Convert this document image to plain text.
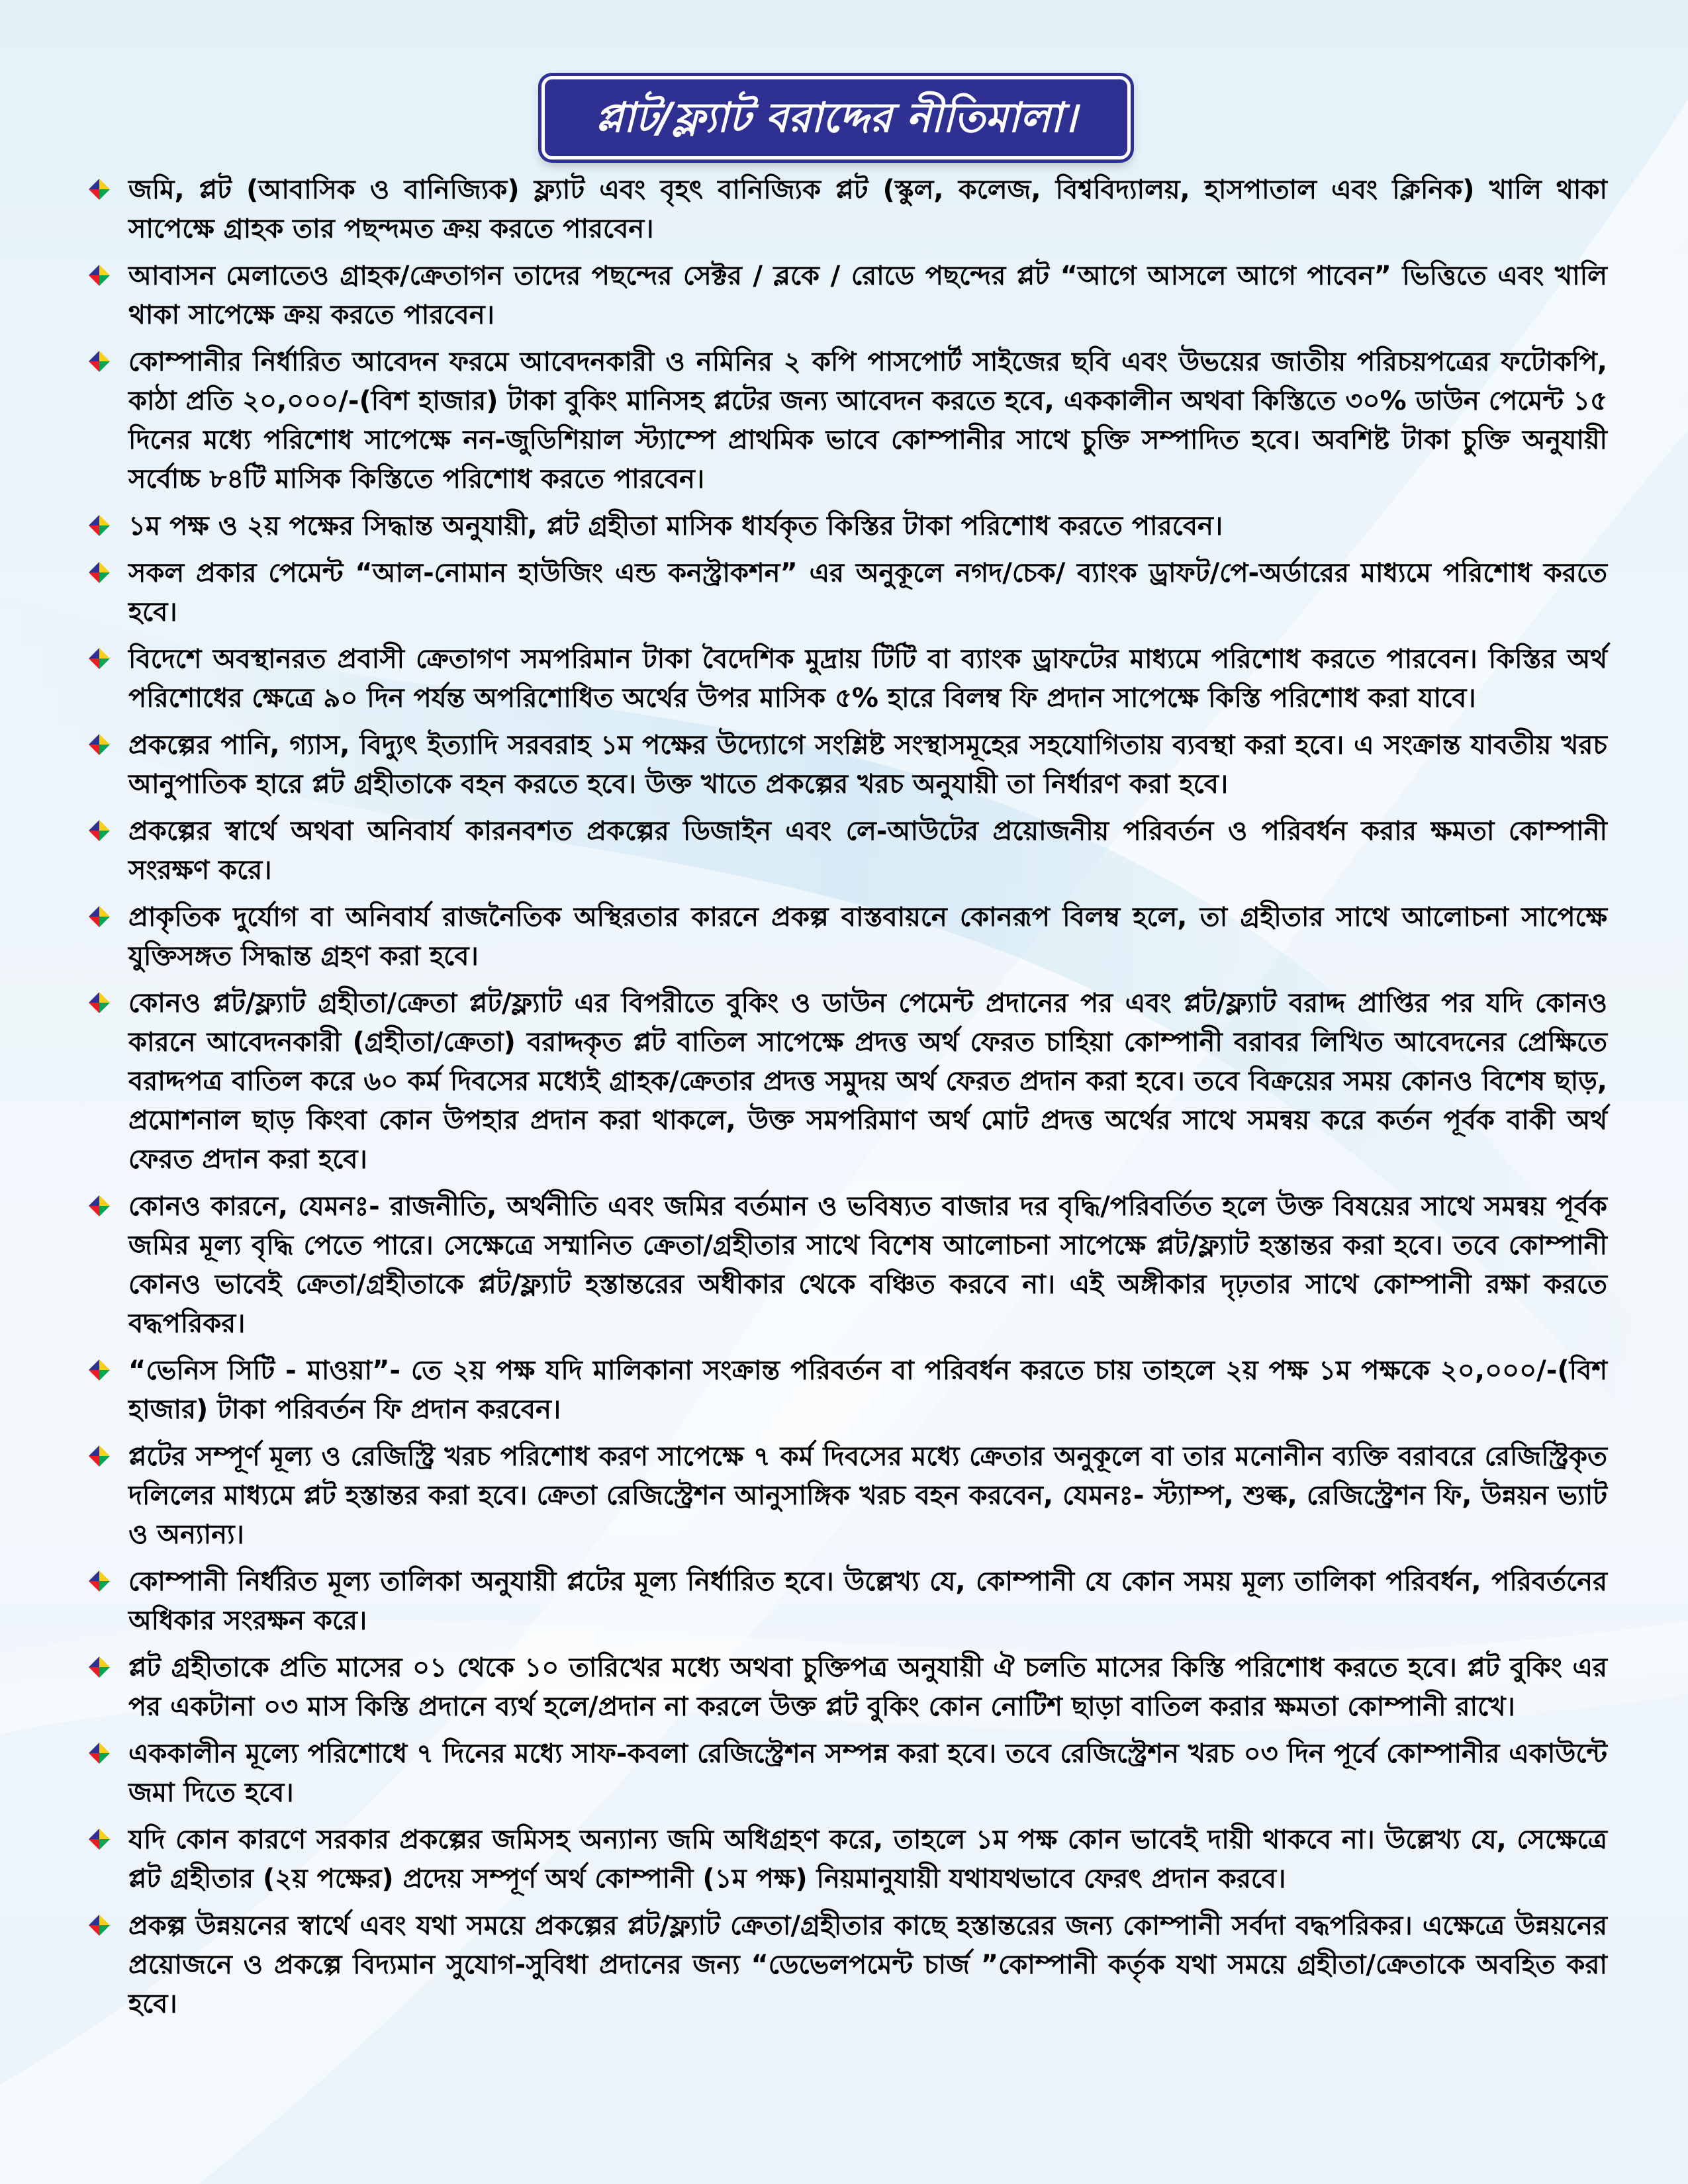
প্লাট/ফ্ল্যাট বরাদ্দের নীতিমালা।
জমি, প্লট (আবাসিক ও বানিজ্যিক) ফ্ল্যাট এবং বৃহৎ বানিজ্যিক প্লট (স্কুল, কলেজ, বিশ্ববিদ্যালয়, হাসপাতাল এবং ক্লিনিক) খালি থাকা সাপেক্ষে গ্রাহক তার পছন্দমত ক্রয় করতে পারবেন।
আবাসন মেলাতেও গ্রাহক/ক্রেতাগন তাদের পছন্দের সেক্টর / ব্লকে / রোডে পছন্দের প্লট “আগে আসলে আগে পাবেন” ভিত্তিতে এবং খালি থাকা সাপেক্ষে ক্রয় করতে পারবেন।
কোম্পানীর নির্ধারিত আবেদন ফরমে আবেদনকারী ও নমিনির ২ কপি পাসপোর্ট সাইজের ছবি এবং উভয়ের জাতীয় পরিচয়পত্রের ফটোকপি, কাঠা প্রতি ২০,০০০/-(বিশ হাজার) টাকা বুকিং মানিসহ প্লটের জন্য আবেদন করতে হবে, এককালীন অথবা কিস্তিতে ৩০% ডাউন পেমেন্ট ১৫ দিনের মধ্যে পরিশোধ সাপেক্ষে নন-জুডিশিয়াল স্ট্যাম্পে প্রাথমিক ভাবে কোম্পানীর সাথে চুক্তি সম্পাদিত হবে। অবশিষ্ট টাকা চুক্তি অনুযায়ী সর্বোচ্চ ৮৪টি মাসিক কিস্তিতে পরিশোধ করতে পারবেন।
১ম পক্ষ ও ২য় পক্ষের সিদ্ধান্ত অনুযায়ী, প্লট গ্রহীতা মাসিক ধার্যকৃত কিস্তির টাকা পরিশোধ করতে পারবেন।
সকল প্রকার পেমেন্ট “আল-নোমান হাউজিং এন্ড কনস্ট্রাকশন” এর অনুকূলে নগদ/চেক/ ব্যাংক ড্রাফট/পে-অর্ডারের মাধ্যমে পরিশোধ করতে হবে।
বিদেশে অবস্থানরত প্রবাসী ক্রেতাগণ সমপরিমান টাকা বৈদেশিক মুদ্রায় টিটি বা ব্যাংক ড্রাফটের মাধ্যমে পরিশোধ করতে পারবেন। কিস্তির অর্থ পরিশোধের ক্ষেত্রে ৯০ দিন পর্যন্ত অপরিশোধিত অর্থের উপর মাসিক ৫% হারে বিলম্ব ফি প্রদান সাপেক্ষে কিস্তি পরিশোধ করা যাবে।
প্রকল্পের পানি, গ্যাস, বিদ্যুৎ ইত্যাদি সরবরাহ ১ম পক্ষের উদ্যোগে সংশ্লিষ্ট সংস্থাসমূহের সহযোগিতায় ব্যবস্থা করা হবে। এ সংক্রান্ত যাবতীয় খরচ আনুপাতিক হারে প্লট গ্রহীতাকে বহন করতে হবে। উক্ত খাতে প্রকল্পের খরচ অনুযায়ী তা নির্ধারণ করা হবে।
প্রকল্পের স্বার্থে অথবা অনিবার্য কারনবশত প্রকল্পের ডিজাইন এবং লে-আউটের প্রয়োজনীয় পরিবর্তন ও পরিবর্ধন করার ক্ষমতা কোম্পানী সংরক্ষণ করে।
প্রাকৃতিক দুর্যোগ বা অনিবার্য রাজনৈতিক অস্থিরতার কারনে প্রকল্প বাস্তবায়নে কোনরূপ বিলম্ব হলে, তা গ্রহীতার সাথে আলোচনা সাপেক্ষে যুক্তিসঙ্গত সিদ্ধান্ত গ্রহণ করা হবে।
কোনও প্লট/ফ্ল্যাট গ্রহীতা/ক্রেতা প্লট/ফ্ল্যাট এর বিপরীতে বুকিং ও ডাউন পেমেন্ট প্রদানের পর এবং প্লট/ফ্ল্যাট বরাদ্দ প্রাপ্তির পর যদি কোনও কারনে আবেদনকারী (গ্রহীতা/ক্রেতা) বরাদ্দকৃত প্লট বাতিল সাপেক্ষে প্রদত্ত অর্থ ফেরত চাহিয়া কোম্পানী বরাবর লিখিত আবেদনের প্রেক্ষিতে বরাদ্দপত্র বাতিল করে ৬০ কর্ম দিবসের মধ্যেই গ্রাহক/ক্রেতার প্রদত্ত সমুদয় অর্থ ফেরত প্রদান করা হবে। তবে বিক্রয়ের সময় কোনও বিশেষ ছাড়, প্রমোশনাল ছাড় কিংবা কোন উপহার প্রদান করা থাকলে, উক্ত সমপরিমাণ অর্থ মোট প্রদত্ত অর্থের সাথে সমন্বয় করে কর্তন পূর্বক বাকী অর্থ ফেরত প্রদান করা হবে।
কোনও কারনে, যেমনঃ- রাজনীতি, অর্থনীতি এবং জমির বর্তমান ও ভবিষ্যত বাজার দর বৃদ্ধি/পরিবর্তিত হলে উক্ত বিষয়ের সাথে সমন্বয় পূর্বক জমির মূল্য বৃদ্ধি পেতে পারে। সেক্ষেত্রে সম্মানিত ক্রেতা/গ্রহীতার সাথে বিশেষ আলোচনা সাপেক্ষে প্লট/ফ্ল্যাট হস্তান্তর করা হবে। তবে কোম্পানী কোনও ভাবেই ক্রেতা/গ্রহীতাকে প্লট/ফ্ল্যাট হস্তান্তরের অধীকার থেকে বঞ্চিত করবে না। এই অঙ্গীকার দৃঢ়তার সাথে কোম্পানী রক্ষা করতে বদ্ধপরিকর।
“ভেনিস সিটি - মাওয়া”- তে ২য় পক্ষ যদি মালিকানা সংক্রান্ত পরিবর্তন বা পরিবর্ধন করতে চায় তাহলে ২য় পক্ষ ১ম পক্ষকে ২০,০০০/-(বিশ হাজার) টাকা পরিবর্তন ফি প্রদান করবেন।
প্লটের সম্পূর্ণ মূল্য ও রেজিস্ট্রি খরচ পরিশোধ করণ সাপেক্ষে ৭ কর্ম দিবসের মধ্যে ক্রেতার অনুকূলে বা তার মনোনীন ব্যক্তি বরাবরে রেজিস্ট্রিকৃত দলিলের মাধ্যমে প্লট হস্তান্তর করা হবে। ক্রেতা রেজিস্ট্রেশন আনুসাঙ্গিক খরচ বহন করবেন, যেমনঃ- স্ট্যাম্প, শুল্ক, রেজিস্ট্রেশন ফি, উন্নয়ন ভ্যাট ও অন্যান্য।
কোম্পানী নির্ধরিত মূল্য তালিকা অনুযায়ী প্লটের মূল্য নির্ধারিত হবে। উল্লেখ্য যে, কোম্পানী যে কোন সময় মূল্য তালিকা পরিবর্ধন, পরিবর্তনের অধিকার সংরক্ষন করে।
প্লট গ্রহীতাকে প্রতি মাসের ০১ থেকে ১০ তারিখের মধ্যে অথবা চুক্তিপত্র অনুযায়ী ঐ চলতি মাসের কিস্তি পরিশোধ করতে হবে। প্লট বুকিং এর পর একটানা ০৩ মাস কিস্তি প্রদানে ব্যর্থ হলে/প্রদান না করলে উক্ত প্লট বুকিং কোন নোটিশ ছাড়া বাতিল করার ক্ষমতা কোম্পানী রাখে।
এককালীন মূল্যে পরিশোধে ৭ দিনের মধ্যে সাফ-কবলা রেজিস্ট্রেশন সম্পন্ন করা হবে। তবে রেজিস্ট্রেশন খরচ ০৩ দিন পূর্বে কোম্পানীর একাউন্টে জমা দিতে হবে।
যদি কোন কারণে সরকার প্রকল্পের জমিসহ অন্যান্য জমি অধিগ্রহণ করে, তাহলে ১ম পক্ষ কোন ভাবেই দায়ী থাকবে না। উল্লেখ্য যে, সেক্ষেত্রে প্লট গ্রহীতার (২য় পক্ষের) প্রদেয় সম্পূর্ণ অর্থ কোম্পানী (১ম পক্ষ) নিয়মানুযায়ী যথাযথভাবে ফেরৎ প্রদান করবে।
প্রকল্প উন্নয়নের স্বার্থে এবং যথা সময়ে প্রকল্পের প্লট/ফ্ল্যাট ক্রেতা/গ্রহীতার কাছে হস্তান্তরের জন্য কোম্পানী সর্বদা বদ্ধপরিকর। এক্ষেত্রে উন্নয়নের প্রয়োজনে ও প্রকল্পে বিদ্যমান সুযোগ-সুবিধা প্রদানের জন্য “ডেভেলপমেন্ট চার্জ ”কোম্পানী কর্তৃক যথা সময়ে গ্রহীতা/ক্রেতাকে অবহিত করা হবে।
